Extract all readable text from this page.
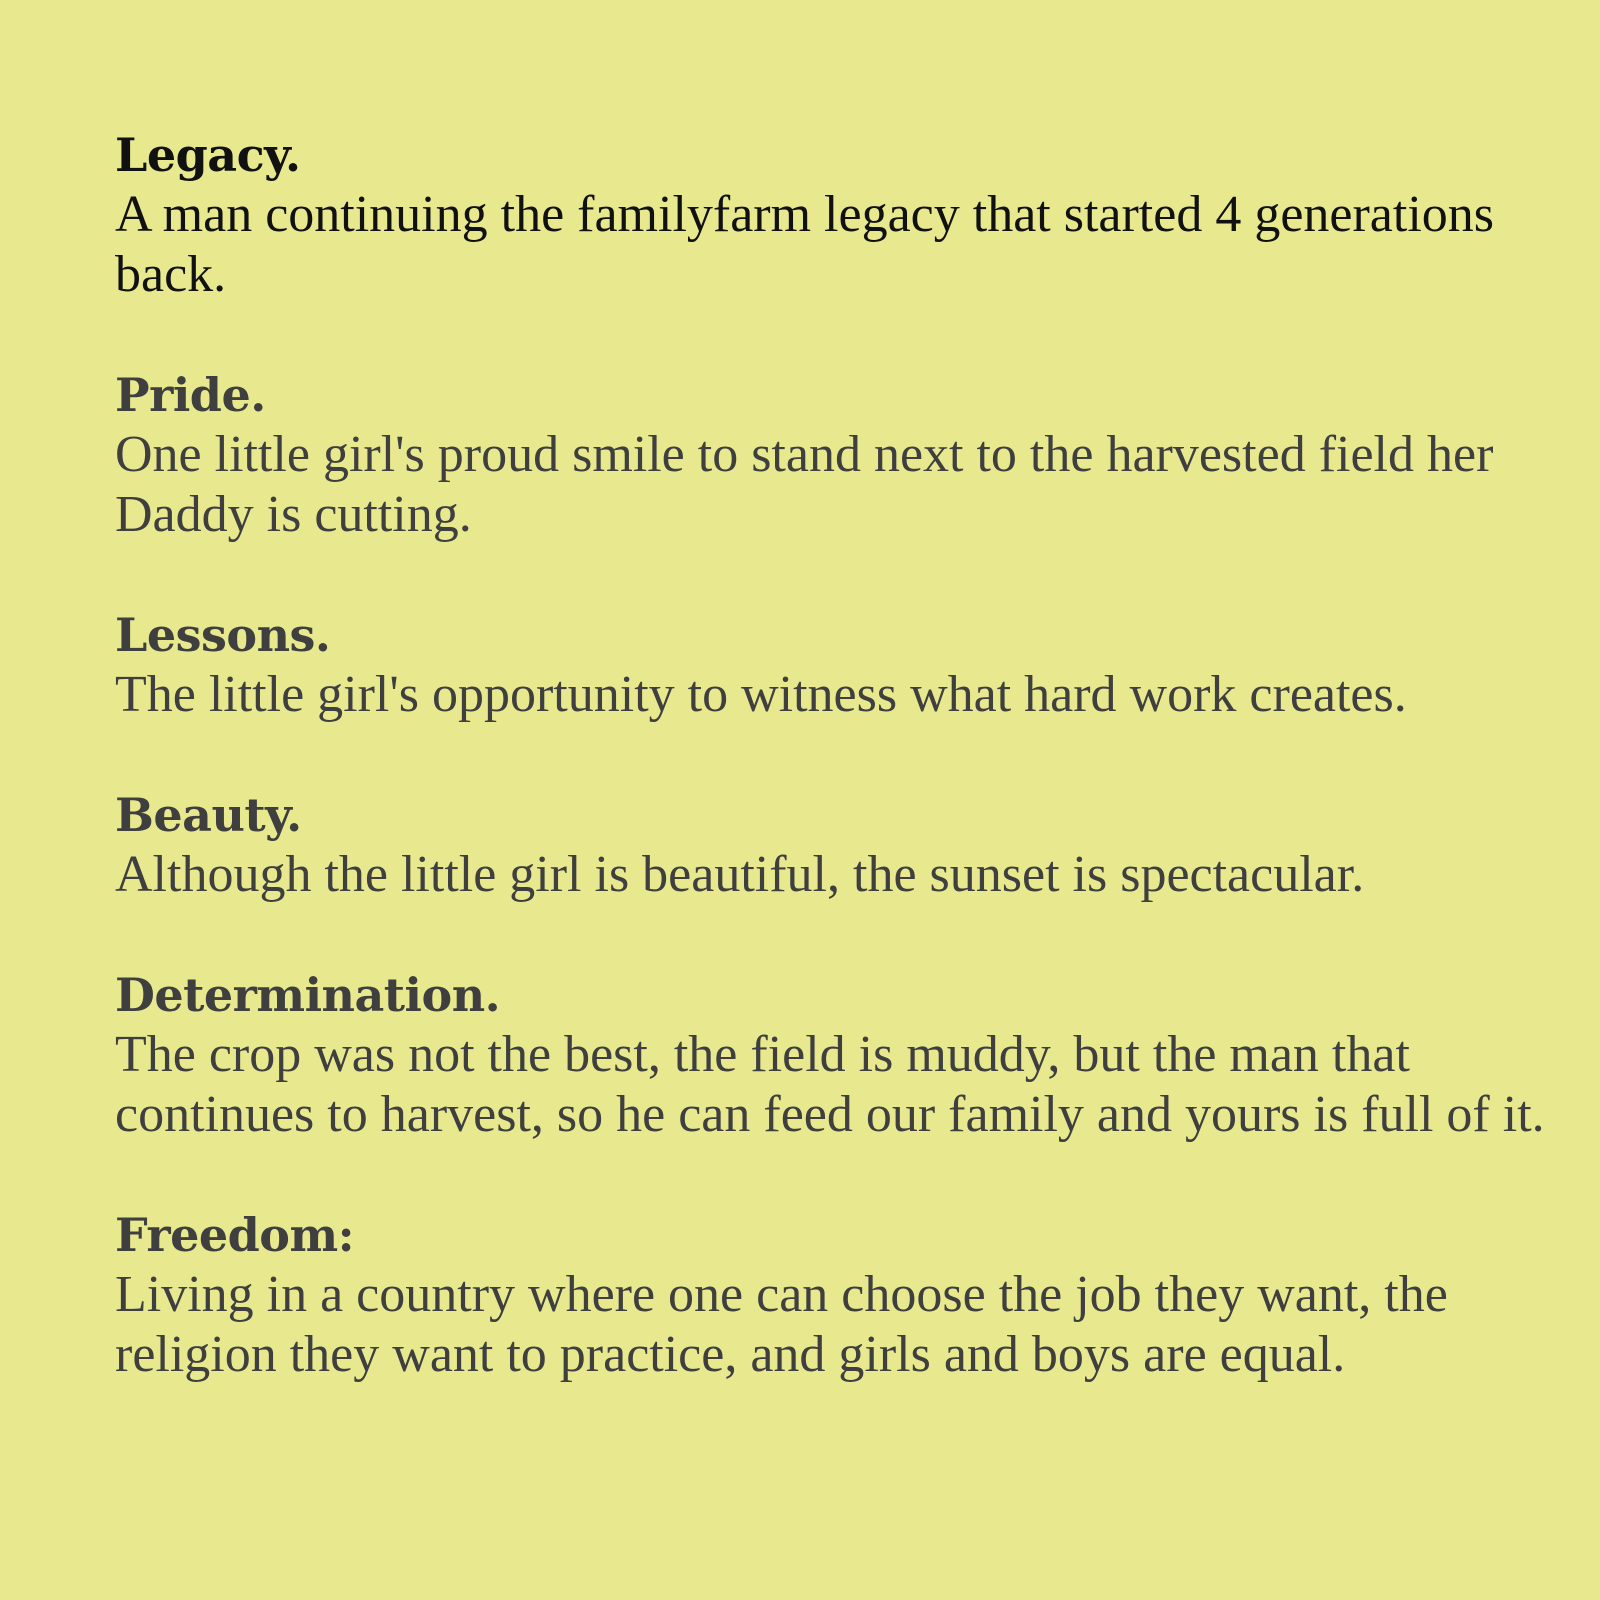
Legacy.

A man continuing the familyfarm legacy that started 4 generations back.

Pride.

One little girl's proud smile to stand next to the harvested field her Daddy is cutting.

Lessons.

The little girl's opportunity to witness what hard work creates.

Beauty.

Although the little girl is beautiful, the sunset is spectacular.

Determination.

The crop was not the best, the field is muddy, but the man that continues to harvest, so he can feed our family and yours is full of it.

Freedom:

Living in a country where one can choose the job they want, the religion they want to practice, and girls and boys are equal.
